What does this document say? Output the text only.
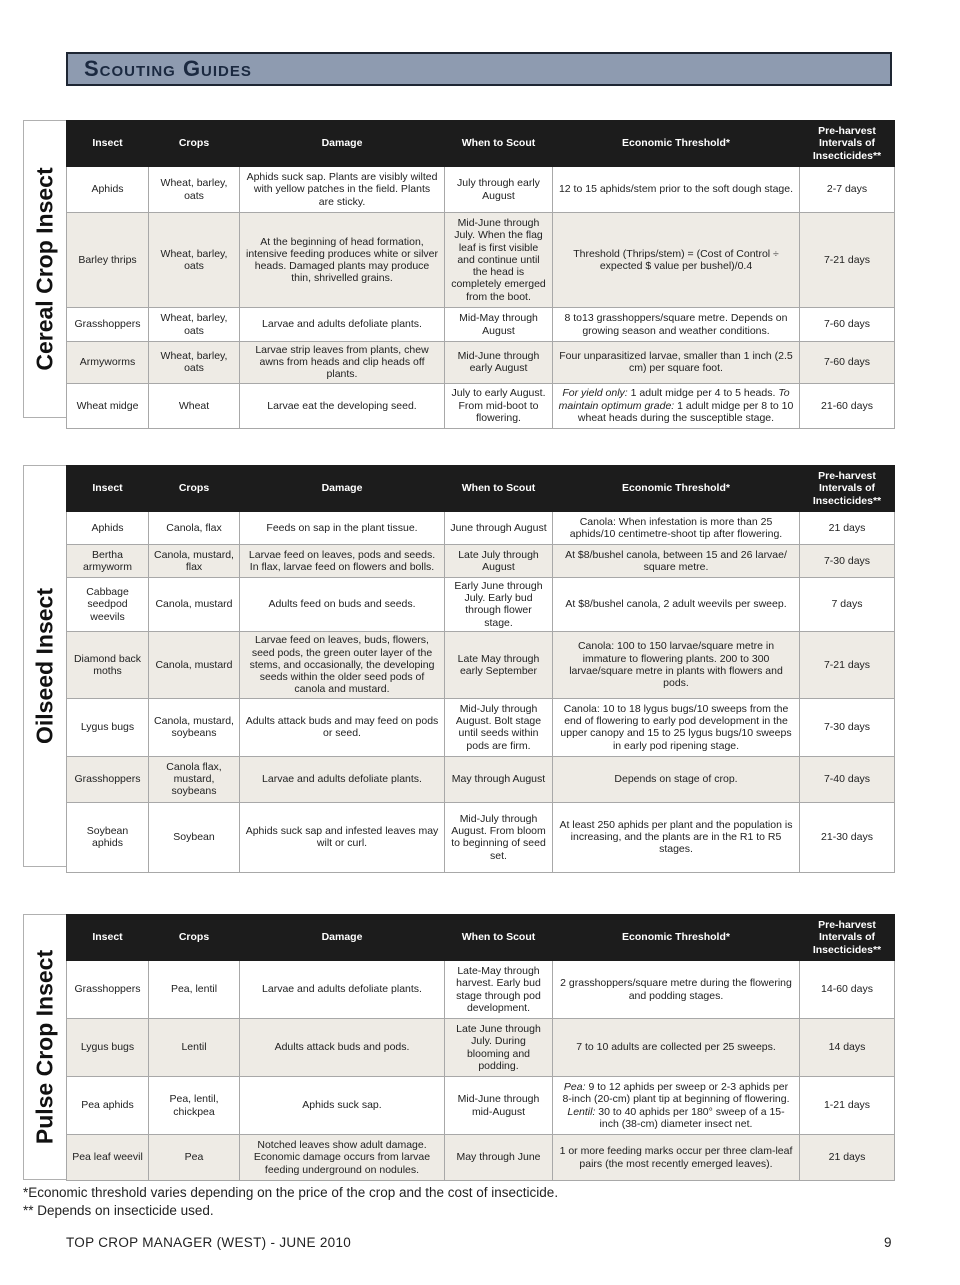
Scouting Guides
Cereal Crop Insect
Insect	Crops	Damage	When to Scout	Economic Threshold*	Pre-harvest Intervals of Insecticides**
Aphids	Wheat, barley, oats	Aphids suck sap. Plants are visibly wilted with yellow patches in the field. Plants are sticky.	July through early August	12 to 15 aphids/stem prior to the soft dough stage.	2-7 days
Barley thrips	Wheat, barley, oats	At the beginning of head formation, intensive feeding produces white or silver heads. Damaged plants may produce thin, shrivelled grains.	Mid-June through July. When the flag leaf is first visible and continue until the head is completely emerged from the boot.	Threshold (Thrips/stem) = (Cost of Control ÷ expected $ value per bushel)/0.4	7-21 days
Grasshoppers	Wheat, barley, oats	Larvae and adults defoliate plants.	Mid-May through August	8 to13 grasshoppers/square metre. Depends on growing season and weather conditions.	7-60 days
Armyworms	Wheat, barley, oats	Larvae strip leaves from plants, chew awns from heads and clip heads off plants.	Mid-June through early August	Four unparasitized larvae, smaller than 1 inch (2.5 cm) per square foot.	7-60 days
Wheat midge	Wheat	Larvae eat the developing seed.	July to early August. From mid-boot to flowering.	For yield only: 1 adult midge per 4 to 5 heads. To maintain optimum grade: 1 adult midge per 8 to 10 wheat heads during the susceptible stage.	21-60 days
Oilseed Insect
Insect	Crops	Damage	When to Scout	Economic Threshold*	Pre-harvest Intervals of Insecticides**
Aphids	Canola, flax	Feeds on sap in the plant tissue.	June through August	Canola: When infestation is more than 25 aphids/10 centimetre-shoot tip after flowering.	21 days
Bertha armyworm	Canola, mustard, flax	Larvae feed on leaves, pods and seeds. In flax, larvae feed on flowers and bolls.	Late July through August	At $8/bushel canola, between 15 and 26 larvae/ square metre.	7-30 days
Cabbage seedpod weevils	Canola, mustard	Adults feed on buds and seeds.	Early June through July. Early bud through flower stage.	At $8/bushel canola, 2 adult weevils per sweep.	7 days
Diamond back moths	Canola, mustard	Larvae feed on leaves, buds, flowers, seed pods, the green outer layer of the stems, and occasionally, the developing seeds within the older seed pods of canola and mustard.	Late May through early September	Canola: 100 to 150 larvae/square metre in immature to flowering plants. 200 to 300 larvae/square metre in plants with flowers and pods.	7-21 days
Lygus bugs	Canola, mustard, soybeans	Adults attack buds and may feed on pods or seed.	Mid-July through August. Bolt stage until seeds within pods are firm.	Canola: 10 to 18 lygus bugs/10 sweeps from the end of flowering to early pod development in the upper canopy and 15 to 25 lygus bugs/10 sweeps in early pod ripening stage.	7-30 days
Grasshoppers	Canola flax, mustard, soybeans	Larvae and adults defoliate plants.	May through August	Depends on stage of crop.	7-40 days
Soybean aphids	Soybean	Aphids suck sap and infested leaves may wilt or curl.	Mid-July through August. From bloom to beginning of seed set.	At least 250 aphids per plant and the population is increasing, and the plants are in the R1 to R5 stages.	21-30 days
Pulse Crop Insect
Insect	Crops	Damage	When to Scout	Economic Threshold*	Pre-harvest Intervals of Insecticides**
Grasshoppers	Pea, lentil	Larvae and adults defoliate plants.	Late-May through harvest. Early bud stage through pod development.	2 grasshoppers/square metre during the flowering and podding stages.	14-60 days
Lygus bugs	Lentil	Adults attack buds and pods.	Late June through July. During blooming and podding.	7 to 10 adults are collected per 25 sweeps.	14 days
Pea aphids	Pea, lentil, chickpea	Aphids suck sap.	Mid-June through mid-August	Pea: 9 to 12 aphids per sweep or 2-3 aphids per 8-inch (20-cm) plant tip at beginning of flowering. Lentil: 30 to 40 aphids per 180° sweep of a 15-inch (38-cm) diameter insect net.	1-21 days
Pea leaf weevil	Pea	Notched leaves show adult damage. Economic damage occurs from larvae feeding underground on nodules.	May through June	1 or more feeding marks occur per three clam-leaf pairs (the most recently emerged leaves).	21 days
*Economic threshold varies depending on the price of the crop and the cost of insecticide.
** Depends on insecticide used.
TOP CROP MANAGER (WEST) - JUNE 2010	9
